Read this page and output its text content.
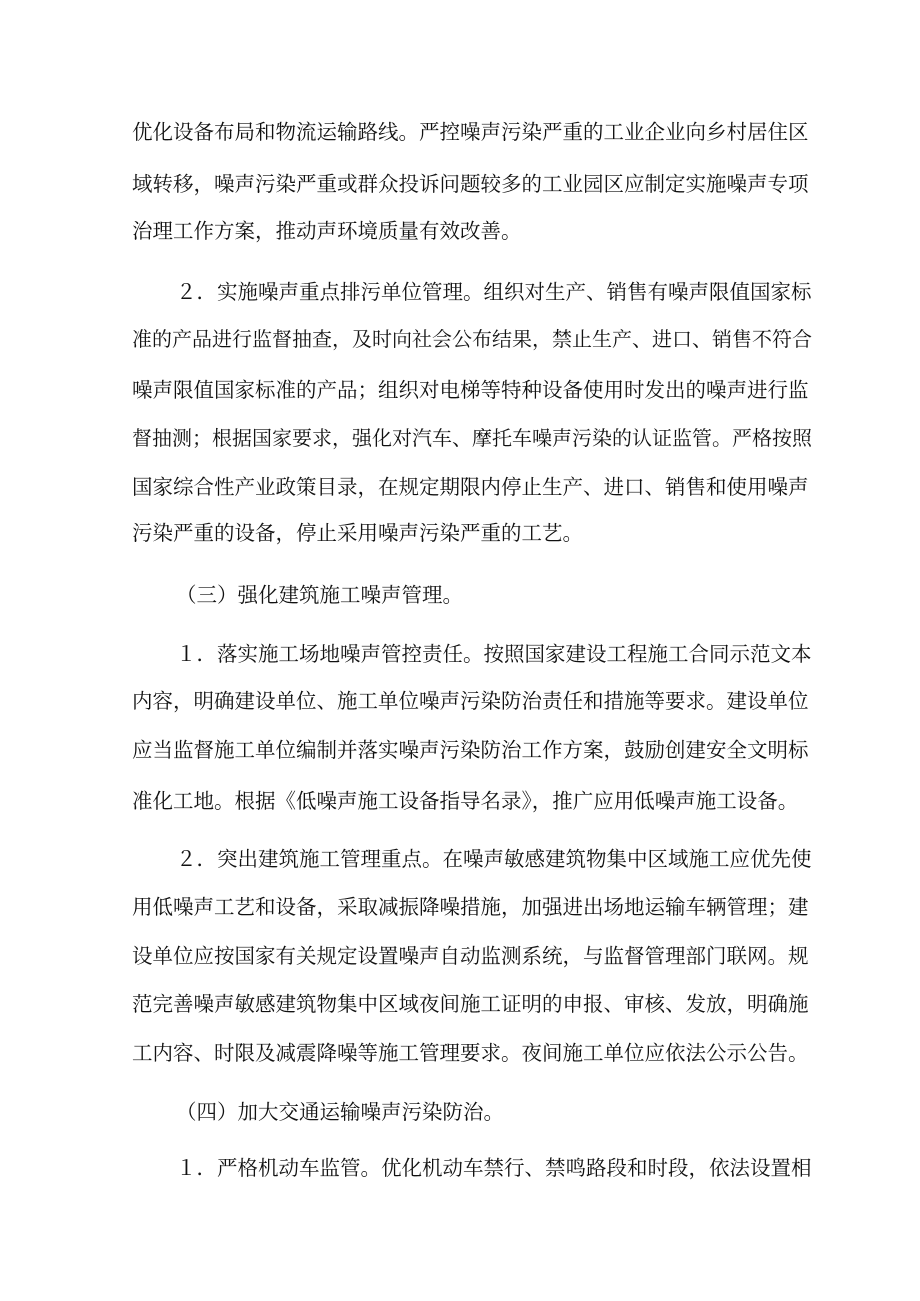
优化设备布局和物流运输路线。严控噪声污染严重的工业企业向乡村居住区
域转移，噪声污染严重或群众投诉问题较多的工业园区应制定实施噪声专项
治理工作方案，推动声环境质量有效改善。
２．实施噪声重点排污单位管理。组织对生产、销售有噪声限值国家标
准的产品进行监督抽查，及时向社会公布结果，禁止生产、进口、销售不符合
噪声限值国家标准的产品；组织对电梯等特种设备使用时发出的噪声进行监
督抽测；根据国家要求，强化对汽车、摩托车噪声污染的认证监管。严格按照
国家综合性产业政策目录，在规定期限内停止生产、进口、销售和使用噪声
污染严重的设备，停止采用噪声污染严重的工艺。
（三）强化建筑施工噪声管理。
１．落实施工场地噪声管控责任。按照国家建设工程施工合同示范文本
内容，明确建设单位、施工单位噪声污染防治责任和措施等要求。建设单位
应当监督施工单位编制并落实噪声污染防治工作方案，鼓励创建安全文明标
准化工地。根据《低噪声施工设备指导名录》，推广应用低噪声施工设备。
２．突出建筑施工管理重点。在噪声敏感建筑物集中区域施工应优先使
用低噪声工艺和设备，采取减振降噪措施，加强进出场地运输车辆管理；建
设单位应按国家有关规定设置噪声自动监测系统，与监督管理部门联网。规
范完善噪声敏感建筑物集中区域夜间施工证明的申报、审核、发放，明确施
工内容、时限及减震降噪等施工管理要求。夜间施工单位应依法公示公告。
（四）加大交通运输噪声污染防治。
１．严格机动车监管。优化机动车禁行、禁鸣路段和时段，依法设置相
